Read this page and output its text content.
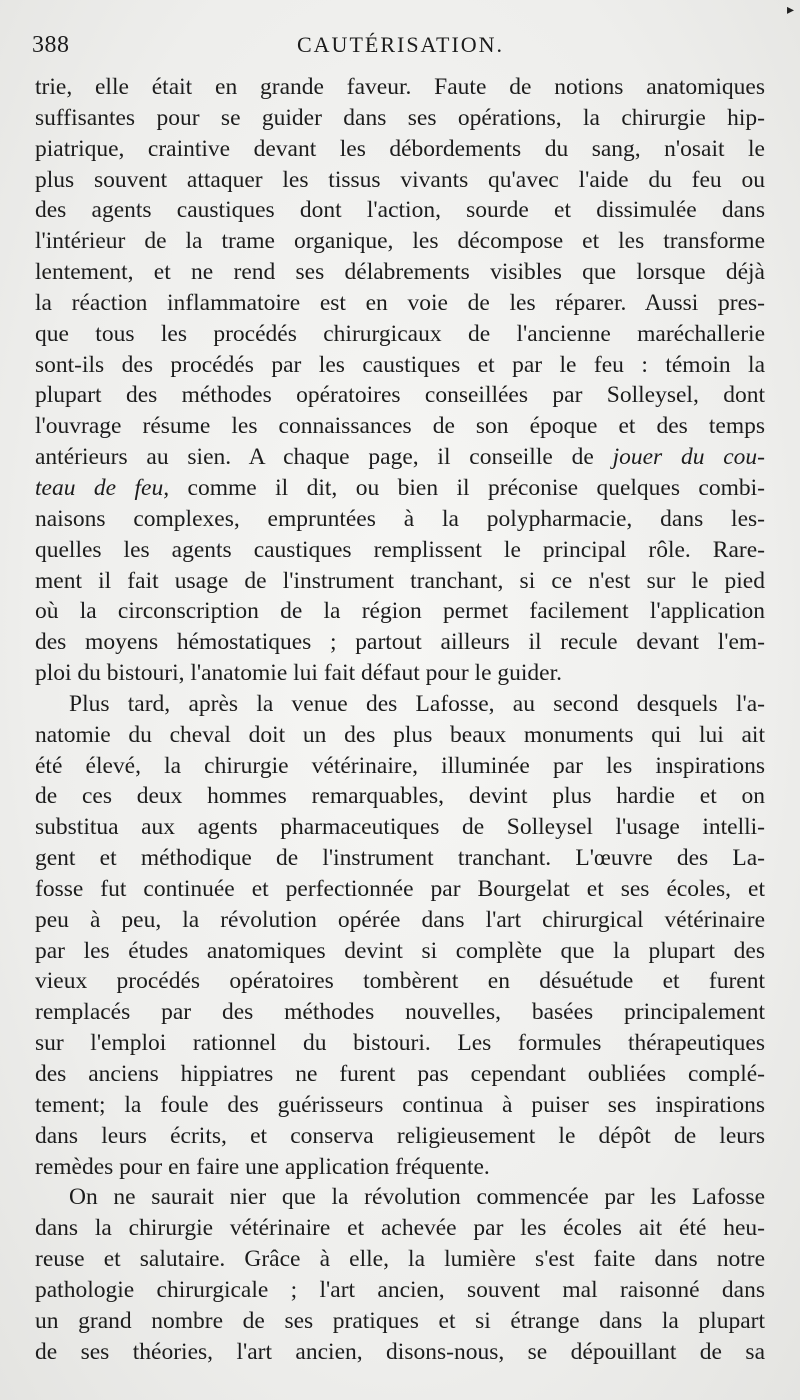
388	CAUTÉRISATION.
▸
trie, elle était en grande faveur. Faute de notions anatomiques
suffisantes pour se guider dans ses opérations, la chirurgie hip-
piatrique, craintive devant les débordements du sang, n'osait le
plus souvent attaquer les tissus vivants qu'avec l'aide du feu ou
des agents caustiques dont l'action, sourde et dissimulée dans
l'intérieur de la trame organique, les décompose et les transforme
lentement, et ne rend ses délabrements visibles que lorsque déjà
la réaction inflammatoire est en voie de les réparer. Aussi pres-
que tous les procédés chirurgicaux de l'ancienne maréchallerie
sont-ils des procédés par les caustiques et par le feu : témoin la
plupart des méthodes opératoires conseillées par Solleysel, dont
l'ouvrage résume les connaissances de son époque et des temps
antérieurs au sien. A chaque page, il conseille de jouer du cou-
teau de feu, comme il dit, ou bien il préconise quelques combi-
naisons complexes, empruntées à la polypharmacie, dans les-
quelles les agents caustiques remplissent le principal rôle. Rare-
ment il fait usage de l'instrument tranchant, si ce n'est sur le pied
où la circonscription de la région permet facilement l'application
des moyens hémostatiques ; partout ailleurs il recule devant l'em-
ploi du bistouri, l'anatomie lui fait défaut pour le guider.
Plus tard, après la venue des Lafosse, au second desquels l'a-
natomie du cheval doit un des plus beaux monuments qui lui ait
été élevé, la chirurgie vétérinaire, illuminée par les inspirations
de ces deux hommes remarquables, devint plus hardie et on
substitua aux agents pharmaceutiques de Solleysel l'usage intelli-
gent et méthodique de l'instrument tranchant. L'œuvre des La-
fosse fut continuée et perfectionnée par Bourgelat et ses écoles, et
peu à peu, la révolution opérée dans l'art chirurgical vétérinaire
par les études anatomiques devint si complète que la plupart des
vieux procédés opératoires tombèrent en désuétude et furent
remplacés par des méthodes nouvelles, basées principalement
sur l'emploi rationnel du bistouri. Les formules thérapeutiques
des anciens hippiatres ne furent pas cependant oubliées complé-
tement; la foule des guérisseurs continua à puiser ses inspirations
dans leurs écrits, et conserva religieusement le dépôt de leurs
remèdes pour en faire une application fréquente.
On ne saurait nier que la révolution commencée par les Lafosse
dans la chirurgie vétérinaire et achevée par les écoles ait été heu-
reuse et salutaire. Grâce à elle, la lumière s'est faite dans notre
pathologie chirurgicale ; l'art ancien, souvent mal raisonné dans
un grand nombre de ses pratiques et si étrange dans la plupart
de ses théories, l'art ancien, disons-nous, se dépouillant de sa
